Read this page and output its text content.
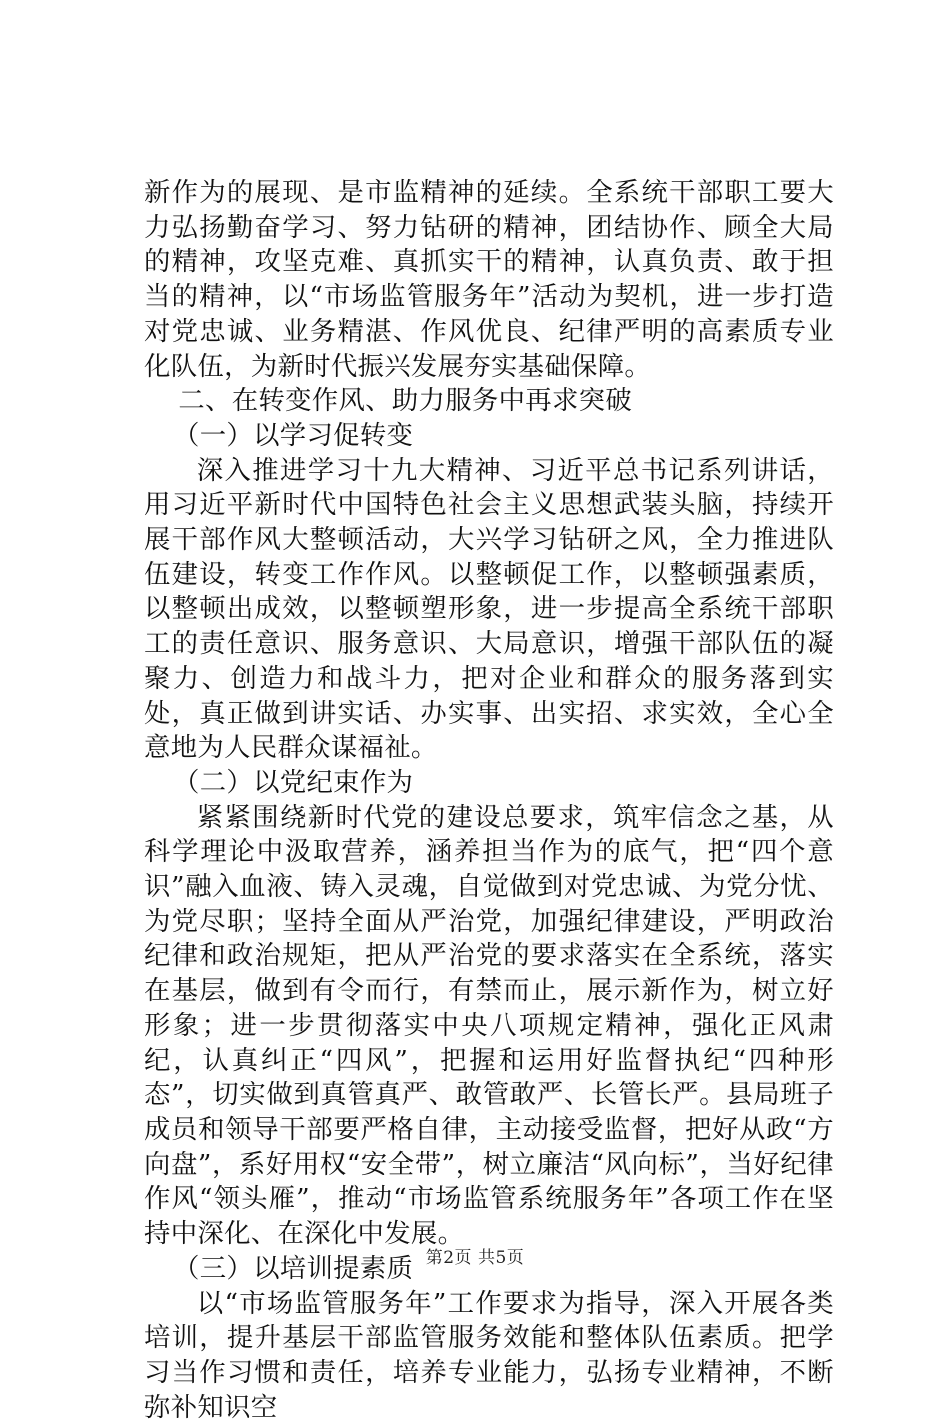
新作为的展现、是市监精神的延续。全系统干部职工要大力弘扬勤奋学习、努力钻研的精神，团结协作、顾全大局的精神，攻坚克难、真抓实干的精神，认真负责、敢于担当的精神，以“市场监管服务年”活动为契机，进一步打造对党忠诚、业务精湛、作风优良、纪律严明的高素质专业化队伍，为新时代振兴发展夯实基础保障。

二、在转变作风、助力服务中再求突破

（一）以学习促转变

深入推进学习十九大精神、习近平总书记系列讲话，用习近平新时代中国特色社会主义思想武装头脑，持续开展干部作风大整顿活动，大兴学习钻研之风，全力推进队伍建设，转变工作作风。以整顿促工作，以整顿强素质，以整顿出成效，以整顿塑形象，进一步提高全系统干部职工的责任意识、服务意识、大局意识，增强干部队伍的凝聚力、创造力和战斗力，把对企业和群众的服务落到实处，真正做到讲实话、办实事、出实招、求实效，全心全意地为人民群众谋福祉。

（二）以党纪束作为

紧紧围绕新时代党的建设总要求，筑牢信念之基，从科学理论中汲取营养，涵养担当作为的底气，把“四个意识”融入血液、铸入灵魂，自觉做到对党忠诚、为党分忧、为党尽职；坚持全面从严治党，加强纪律建设，严明政治纪律和政治规矩，把从严治党的要求落实在全系统，落实在基层，做到有令而行，有禁而止，展示新作为，树立好形象；进一步贯彻落实中央八项规定精神，强化正风肃纪，认真纠正“四风”，把握和运用好监督执纪“四种形态”，切实做到真管真严、敢管敢严、长管长严。县局班子成员和领导干部要严格自律，主动接受监督，把好从政“方向盘”，系好用权“安全带”，树立廉洁“风向标”，当好纪律作风“领头雁”，推动“市场监管系统服务年”各项工作在坚持中深化、在深化中发展。

（三）以培训提素质

以“市场监管服务年”工作要求为指导，深入开展各类培训，提升基层干部监管服务效能和整体队伍素质。把学习当作习惯和责任，培养专业能力，弘扬专业精神，不断弥补知识空

第2页 共5页
